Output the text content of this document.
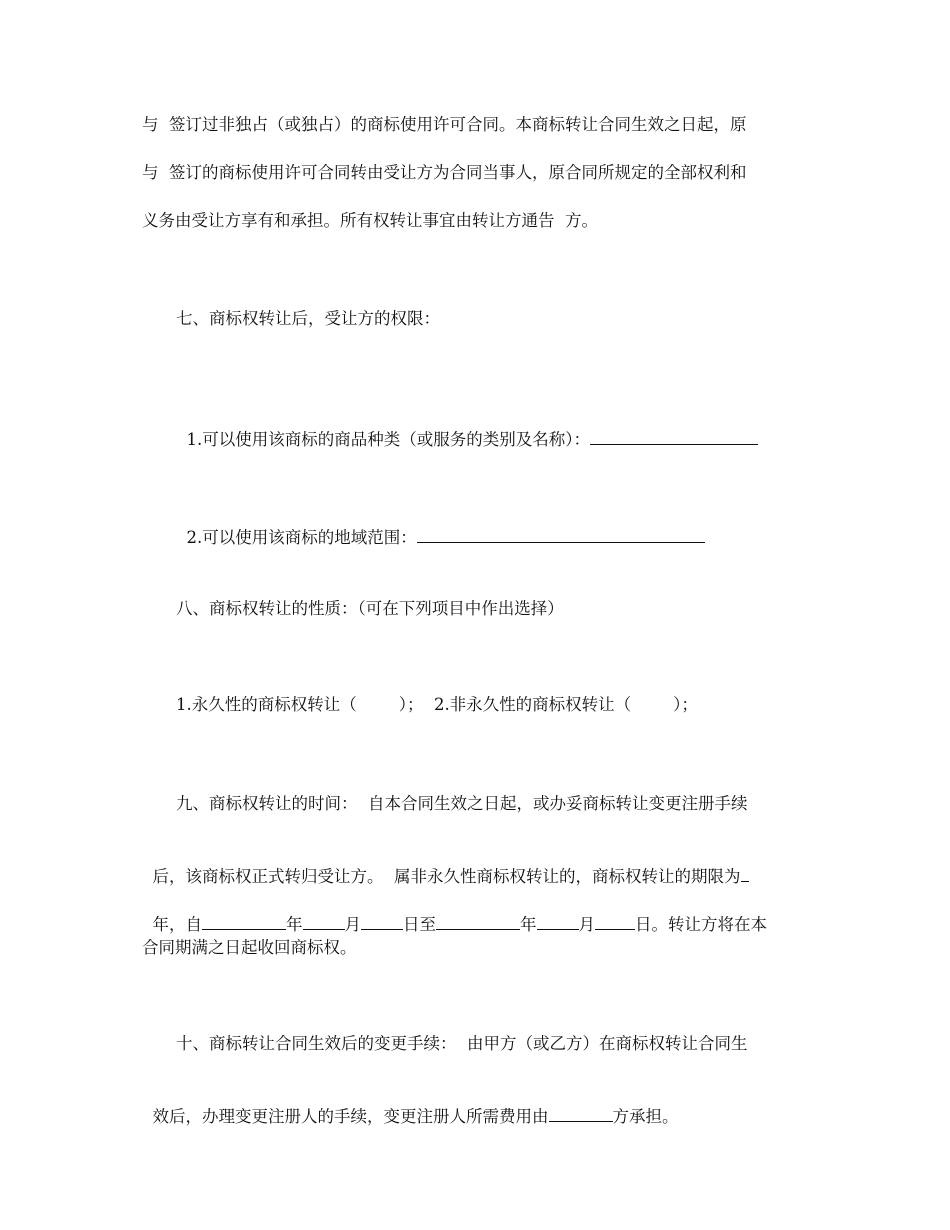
与  签订过非独占（或独占）的商标使用许可合同。本商标转让合同生效之日起，原
与  签订的商标使用许可合同转由受让方为合同当事人，原合同所规定的全部权利和
义务由受让方享有和承担。所有权转让事宜由转让方通告  方。
七、商标权转让后，受让方的权限：

1.可以使用该商标的商品种类（或服务的类别及名称）：

2.可以使用该商标的地域范围：

八、商标权转让的性质：（可在下列项目中作出选择）
1.永久性的商标权转让（        ）；  2.非永久性的商标权转让（        ）；
九、商标权转让的时间：  自本合同生效之日起，或办妥商标转让变更注册手续

后，该商标权正式转归受让方。  属非永久性商标权转让的，商标权转让的期限为

年，自	年	月	日至	年	月 日。转让方将在本

合同期满之日起收回商标权。
十、商标转让合同生效后的变更手续：  由甲方（或乙方）在商标权转让合同生

效后，办理变更注册人的手续，变更注册人所需费用由	方承担。
